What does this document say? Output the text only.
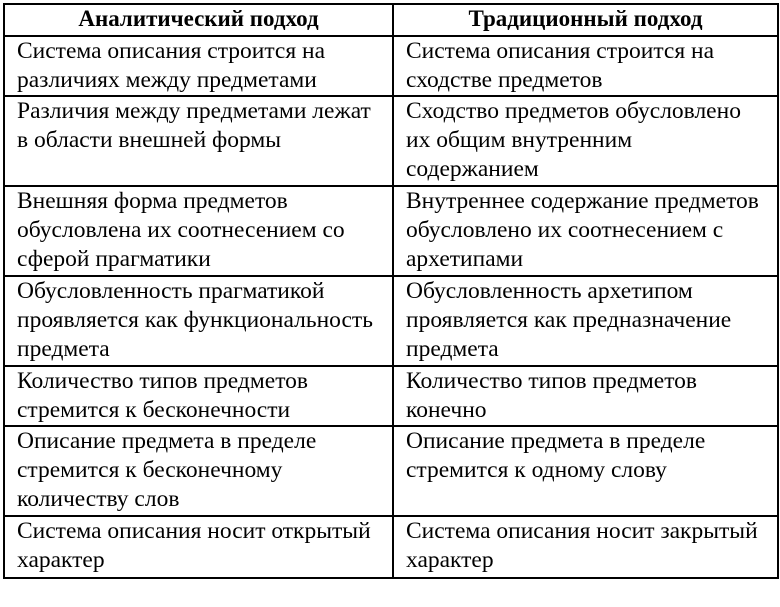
Аналитический подход	Традиционный подход
Система описания строится на различиях между предметами	Система описания строится на сходстве предметов
Различия между предметами лежат в области внешней формы	Сходство предметов обусловлено их общим внутренним содержанием
Внешняя форма предметов обусловлена их соотнесением со сферой прагматики	Внутреннее содержание предметов обусловлено их соотнесением с архетипами
Обусловленность прагматикой проявляется как функциональность предмета	Обусловленность архетипом проявляется как предназначение предмета
Количество типов предметов стремится к бесконечности	Количество типов предметов конечно
Описание предмета в пределе стремится к бесконечному количеству слов	Описание предмета в пределе стремится к одному слову
Система описания носит открытый характер	Система описания носит закрытый характер
